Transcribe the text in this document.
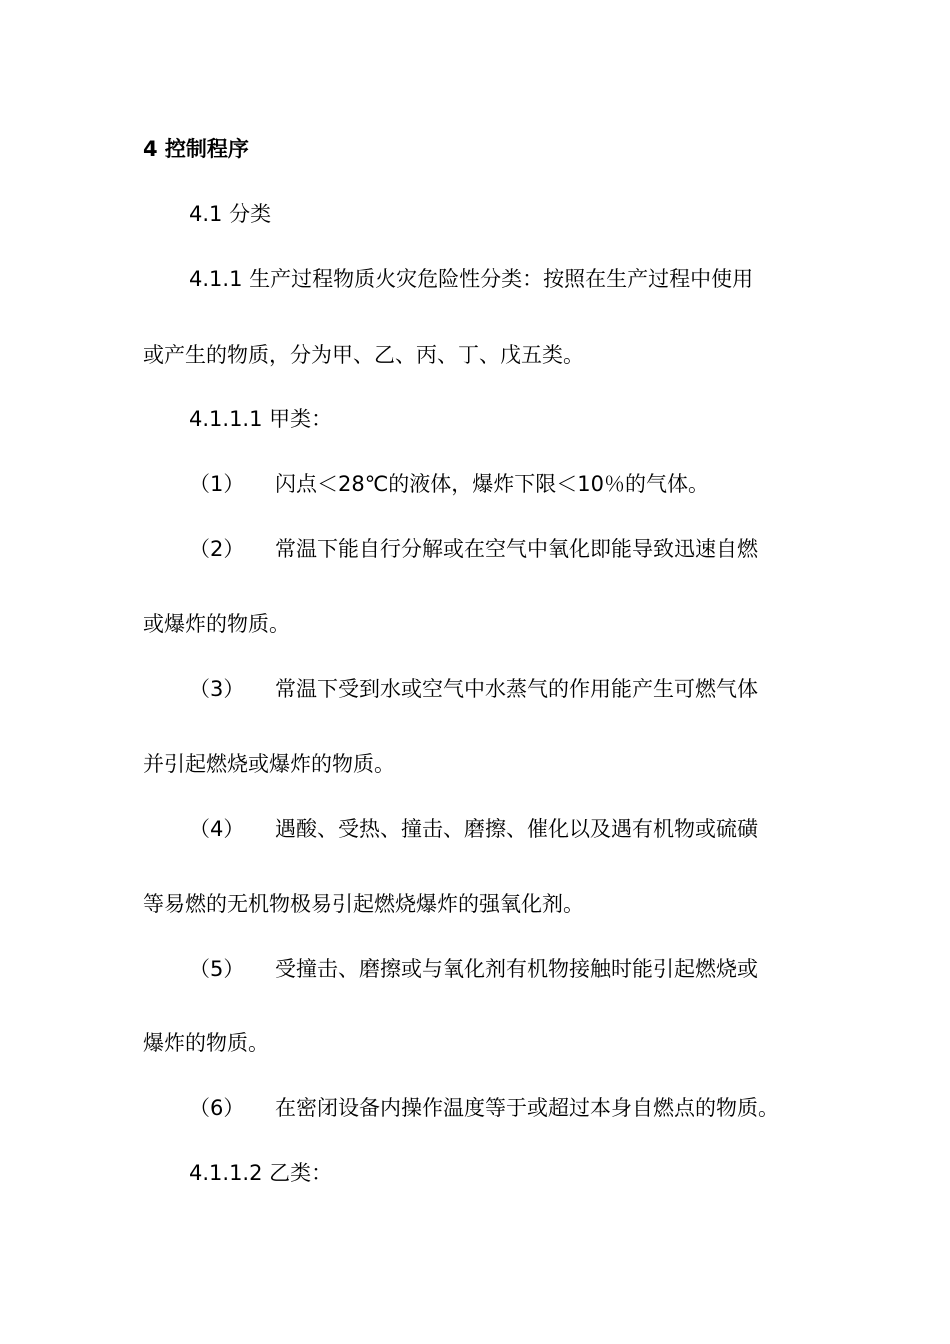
4 控制程序

4.1 分类

4.1.1 生产过程物质火灾危险性分类：按照在生产过程中使用

或产生的物质，分为甲、乙、丙、丁、戊五类。

4.1.1.1 甲类：

（1） 闪点＜28℃的液体，爆炸下限＜10％的气体。

（2） 常温下能自行分解或在空气中氧化即能导致迅速自燃

或爆炸的物质。

（3） 常温下受到水或空气中水蒸气的作用能产生可燃气体

并引起燃烧或爆炸的物质。

（4） 遇酸、受热、撞击、磨擦、催化以及遇有机物或硫磺

等易燃的无机物极易引起燃烧爆炸的强氧化剂。

（5） 受撞击、磨擦或与氧化剂有机物接触时能引起燃烧或

爆炸的物质。

（6） 在密闭设备内操作温度等于或超过本身自燃点的物质。

4.1.1.2 乙类：
